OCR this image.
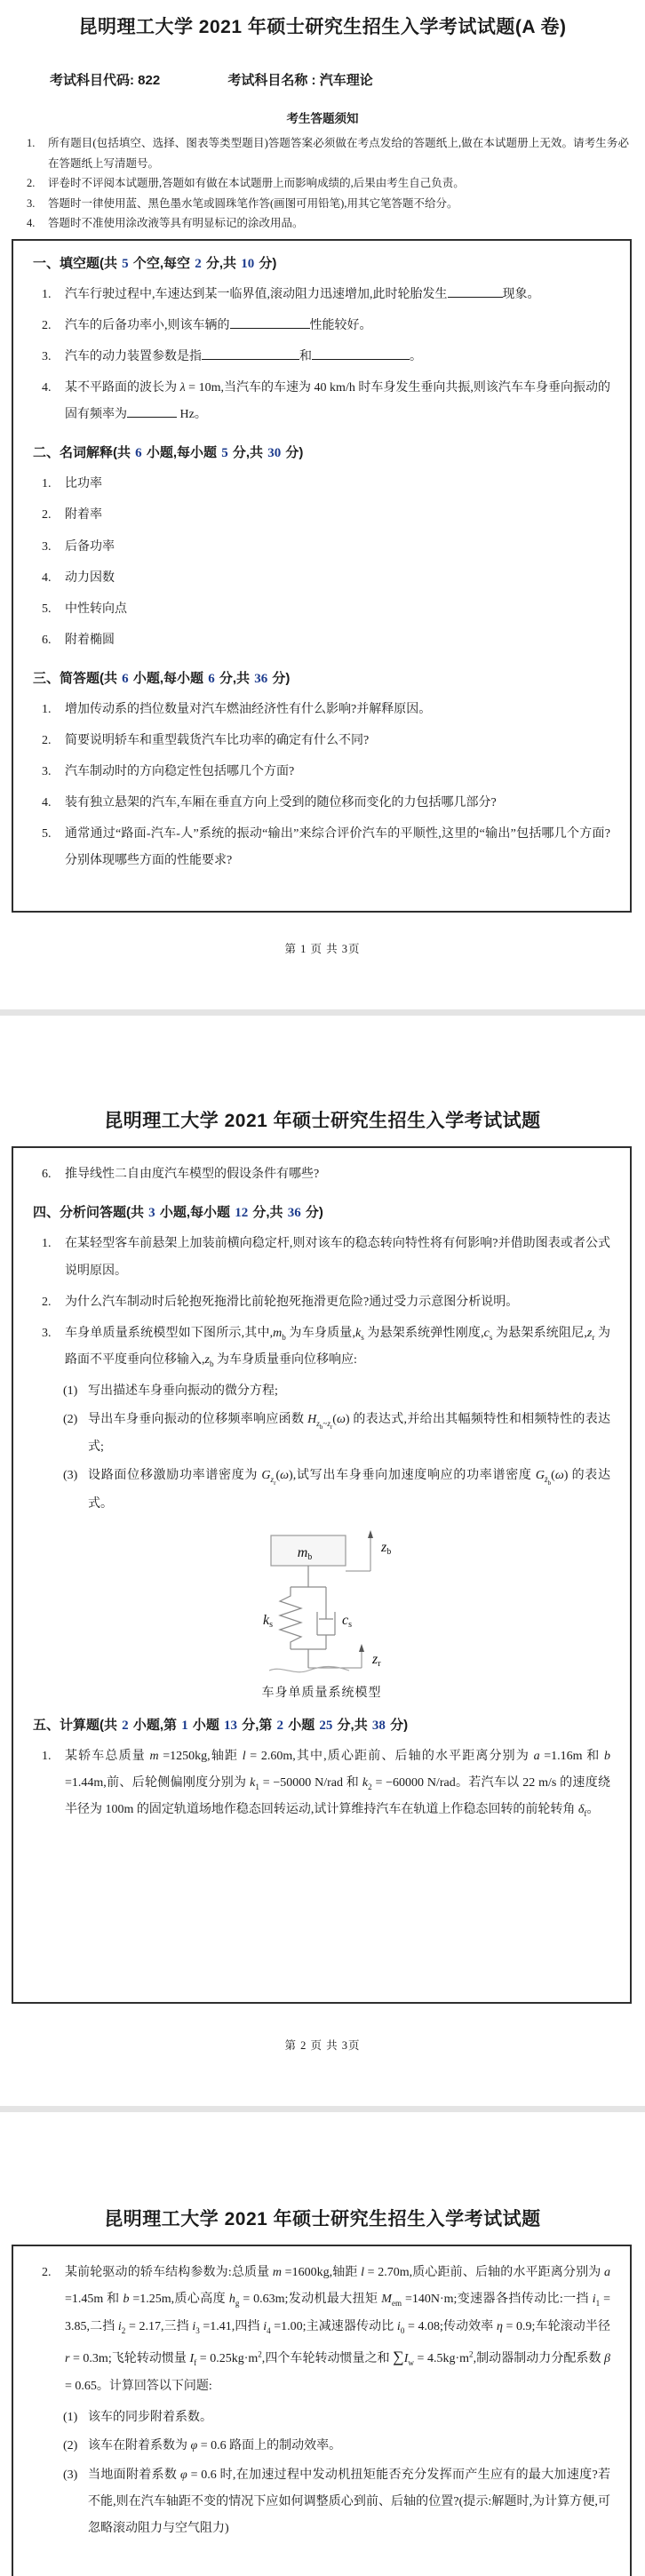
昆明理工大学 2021 年硕士研究生招生入学考试试题(A 卷)
考试科目代码: 822	考试科目名称 : 汽车理论
考生答题须知
1. 所有题目(包括填空、选择、图表等类型题目)答题答案必须做在考点发给的答题纸上,做在本试题册上无效。请考生务必在答题纸上写清题号。
2. 评卷时不评阅本试题册,答题如有做在本试题册上而影响成绩的,后果由考生自己负责。
3. 答题时一律使用蓝、黑色墨水笔或圆珠笔作答(画图可用铅笔),用其它笔答题不给分。
4. 答题时不准使用涂改液等具有明显标记的涂改用品。
一、填空题(共 5 个空,每空 2 分,共 10 分)
1. 汽车行驶过程中,车速达到某一临界值,滚动阻力迅速增加,此时轮胎发生	现象。
2. 汽车的后备功率小,则该车辆的	性能较好。
3. 汽车的动力装置参数是指	和	。
4. 某不平路面的波长为 λ = 10m,当汽车的车速为 40 km/h 时车身发生垂向共振,则该汽车车身垂向振动的固有频率为	Hz。
二、名词解释(共 6 小题,每小题 5 分,共 30 分)
1. 比功率
2. 附着率
3. 后备功率
4. 动力因数
5. 中性转向点
6. 附着椭圆
三、简答题(共 6 小题,每小题 6 分,共 36 分)
1. 增加传动系的挡位数量对汽车燃油经济性有什么影响?并解释原因。
2. 简要说明轿车和重型载货汽车比功率的确定有什么不同?
3. 汽车制动时的方向稳定性包括哪几个方面?
4. 装有独立悬架的汽车,车厢在垂直方向上受到的随位移而变化的力包括哪几部分?
5. 通常通过“路面-汽车-人”系统的振动“输出”来综合评价汽车的平顺性,这里的“输出”包括哪几个方面?分别体现哪些方面的性能要求?
第 1 页 共 3页
昆明理工大学 2021 年硕士研究生招生入学考试试题
6. 推导线性二自由度汽车模型的假设条件有哪些?
四、分析问答题(共 3 小题,每小题 12 分,共 36 分)
1. 在某轻型客车前悬架上加装前横向稳定杆,则对该车的稳态转向特性将有何影响?并借助图表或者公式说明原因。
2. 为什么汽车制动时后轮抱死拖滑比前轮抱死拖滑更危险?通过受力示意图分析说明。
3. 车身单质量系统模型如下图所示,其中$,m_b$ 为车身质量$,k_s$ 为悬架系统弹性刚度$,c_s$ 为悬架系统阻尼$,z_r$ 为路面不平度垂向位移输入$,z_b$ 为车身质量垂向位移响应:
(1) 写出描述车身垂向振动的微分方程;
(2) 导出车身垂向振动的位移频率响应函数 $H_{z_b\sim z_r}(\omega)$ 的表达式,并给出其幅频特性和相频特性的表达式;
(3) 设路面位移激励功率谱密度为 $G_{z_r}(\omega)$,试写出车身垂向加速度响应的功率谱密度 $G_{z̈_b}(\omega)$ 的表达式。
mb
ks	cs
zb
zr
车身单质量系统模型
五、计算题(共 2 小题,第 1 小题 13 分,第 2 小题 25 分,共 38 分)
1. 某轿车总质量 m =1250kg,轴距 l = 2.60m,其中,质心距前、后轴的水平距离分别为 a =1.16m 和 b =1.44m,前、后轮侧偏刚度分别为 $k_1 = -50000$ N/rad 和 $k_2 = -60000$ N/rad。若汽车以 22 m/s 的速度绕半径为 100m 的固定轨道场地作稳态回转运动,试计算维持汽车在轨道上作稳态回转的前轮转角 $\delta_f$。
第 2 页 共 3页
昆明理工大学 2021 年硕士研究生招生入学考试试题
2. 某前轮驱动的轿车结构参数为:总质量 m =1600kg,轴距 l = 2.70m,质心距前、后轴的水平距离分别为 a =1.45m 和 b =1.25m,质心高度 $h_g = 0.63m$;发动机最大扭矩 $M_{em} =140N\cdot m$;变速器各挡传动比:一挡 $i_1 = 3.85$,二挡 $i_2 = 2.17$,三挡 $i_3 =1.41$,四挡 $i_4 =1.00$;主减速器传动比 $i_0 = 4.08$;传动效率 η = 0.9;车轮滚动半径 r = 0.3m;飞轮转动惯量 $I_f = 0.25kg\cdot m^2$,四个车轮转动惯量之和 $\sum I_w = 4.5kg\cdot m^2$,制动器制动力分配系数 β = 0.65。计算回答以下问题:
(1) 该车的同步附着系数。
(2) 该车在附着系数为 φ = 0.6 路面上的制动效率。
(3) 当地面附着系数 φ = 0.6 时,在加速过程中发动机扭矩能否充分发挥而产生应有的最大加速度?若不能,则在汽车轴距不变的情况下应如何调整质心到前、后轴的位置?(提示:解题时,为计算方便,可忽略滚动阻力与空气阻力)
